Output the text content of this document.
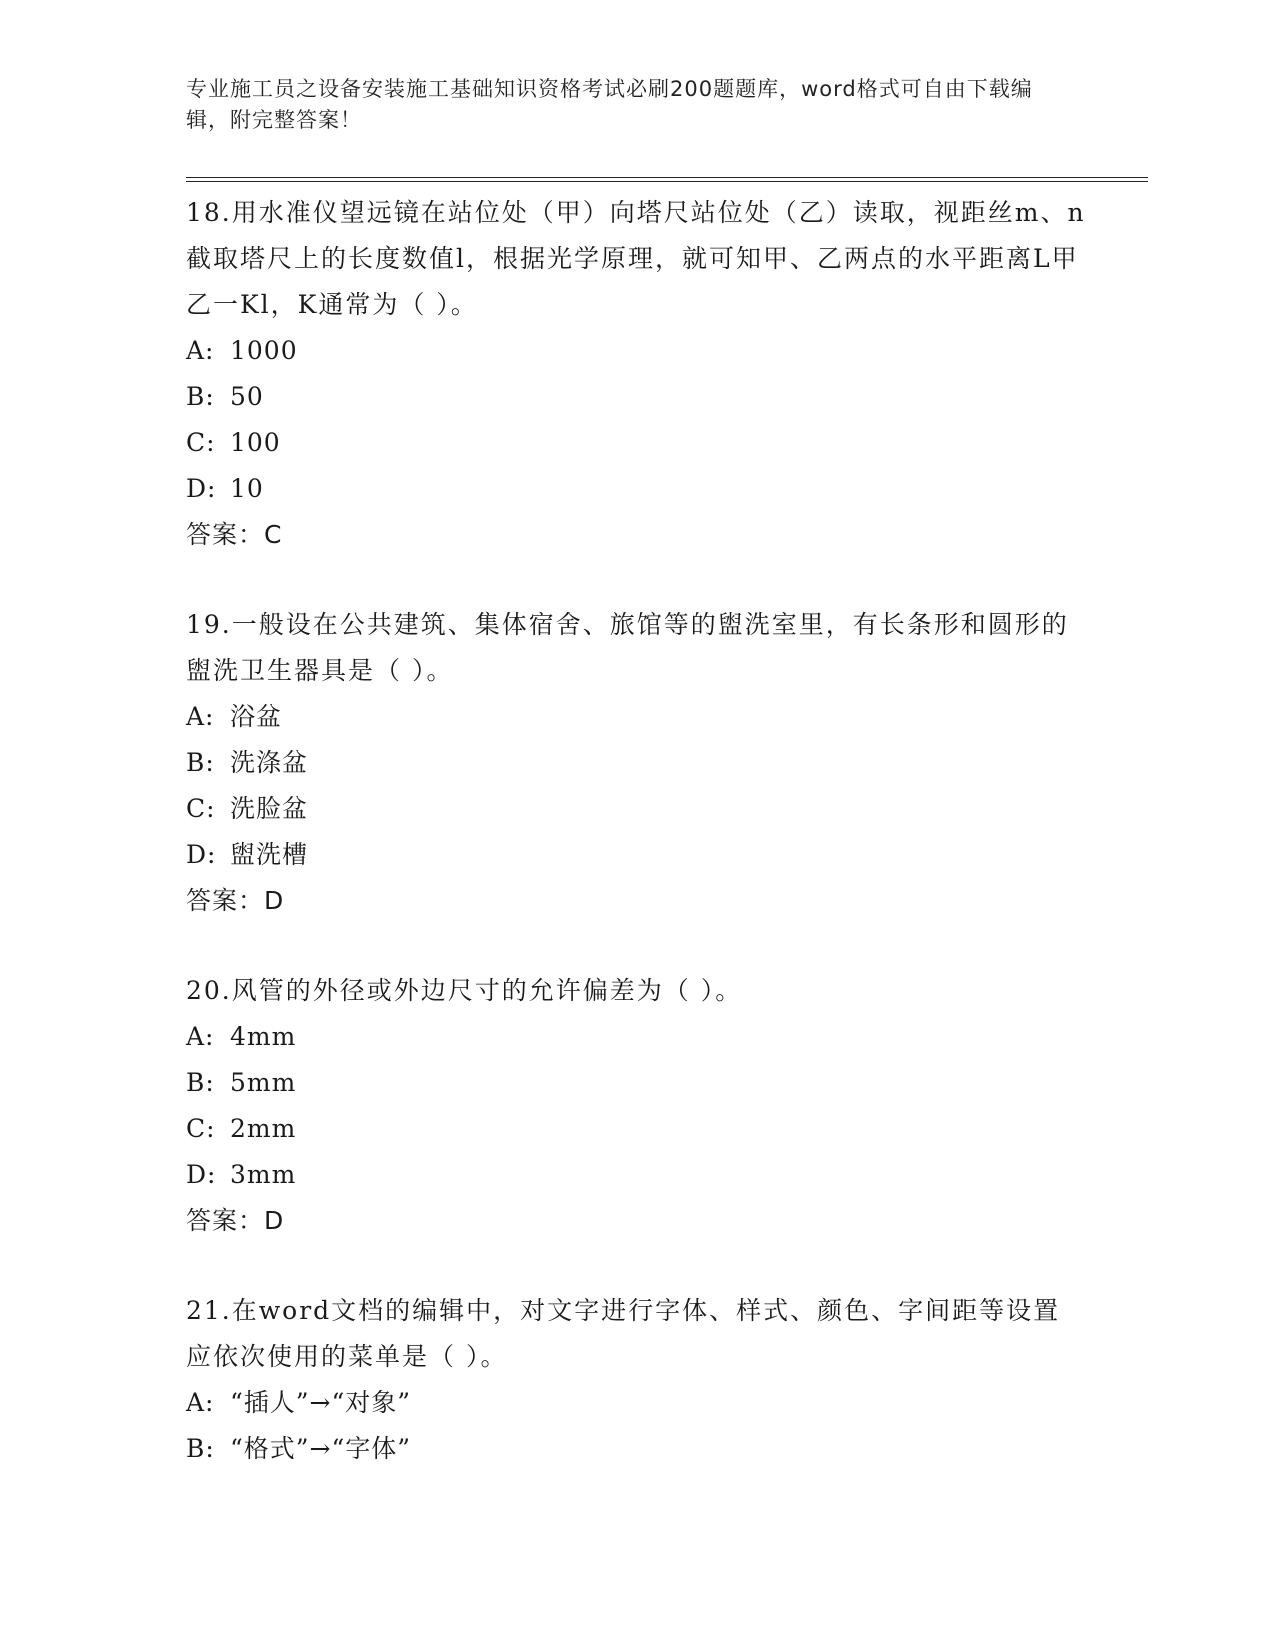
专业施工员之设备安装施工基础知识资格考试必刷200题题库，word格式可自由下载编辑，附完整答案！

18.用水准仪望远镜在站位处（甲）向塔尺站位处（乙）读取，视距丝m、n截取塔尺上的长度数值l，根据光学原理，就可知甲、乙两点的水平距离L甲乙一Kl，K通常为（ ）。

A: 1000

B: 50

C: 100

D: 10

答案：C

19.一般设在公共建筑、集体宿舍、旅馆等的盥洗室里，有长条形和圆形的盥洗卫生器具是（ ）。

A: 浴盆

B: 洗涤盆

C: 洗脸盆

D: 盥洗槽

答案：D

20.风管的外径或外边尺寸的允许偏差为（ ）。

A: 4mm

B: 5mm

C: 2mm

D: 3mm

答案：D

21.在word文档的编辑中，对文字进行字体、样式、颜色、字间距等设置应依次使用的菜单是（ ）。

A: “插人”→“对象”

B: “格式”→“字体”
